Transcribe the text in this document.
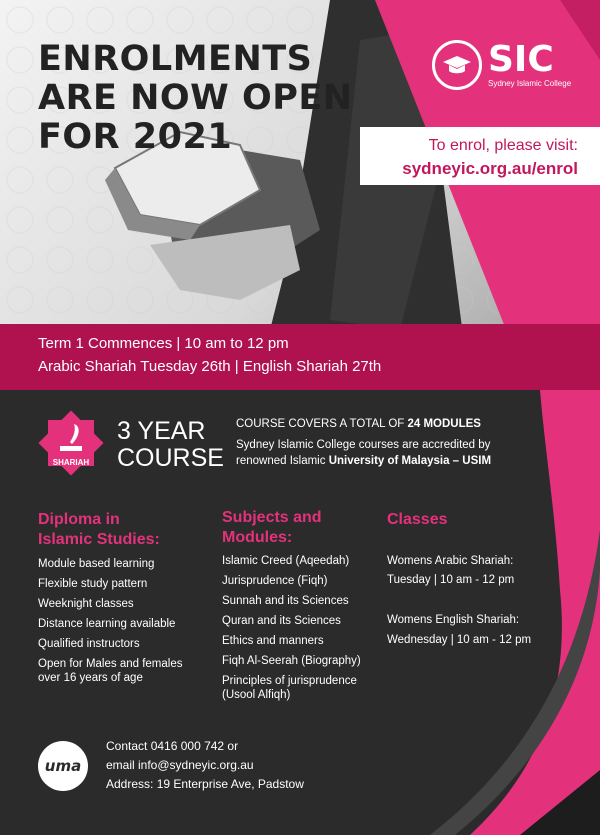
ENROLMENTS
ARE NOW OPEN
FOR 2021
SIC
Sydney Islamic College
To enrol, please visit:
sydneyic.org.au/enrol
Term 1 Commences | 10 am to 12 pm
Arabic Shariah Tuesday 26th | English Shariah 27th
SHARIAH
3 YEAR
COURSE
COURSE COVERS A TOTAL OF 24 MODULES
Sydney Islamic College courses are accredited by renowned Islamic University of Malaysia – USIM
Diploma in
Islamic Studies:
Module based learning
Flexible study pattern
Weeknight classes
Distance learning available
Qualified instructors
Open for Males and females over 16 years of age
Subjects and
Modules:
Islamic Creed (Aqeedah)
Jurisprudence (Fiqh)
Sunnah and its Sciences
Quran and its Sciences
Ethics and manners
Fiqh Al-Seerah (Biography)
Principles of jurisprudence (Usool Alfiqh)
Classes
Womens Arabic Shariah:
Tuesday | 10 am - 12 pm
Womens English Shariah:
Wednesday | 10 am - 12 pm
uma
Contact 0416 000 742 or
email info@sydneyic.org.au
Address: 19 Enterprise Ave, Padstow
